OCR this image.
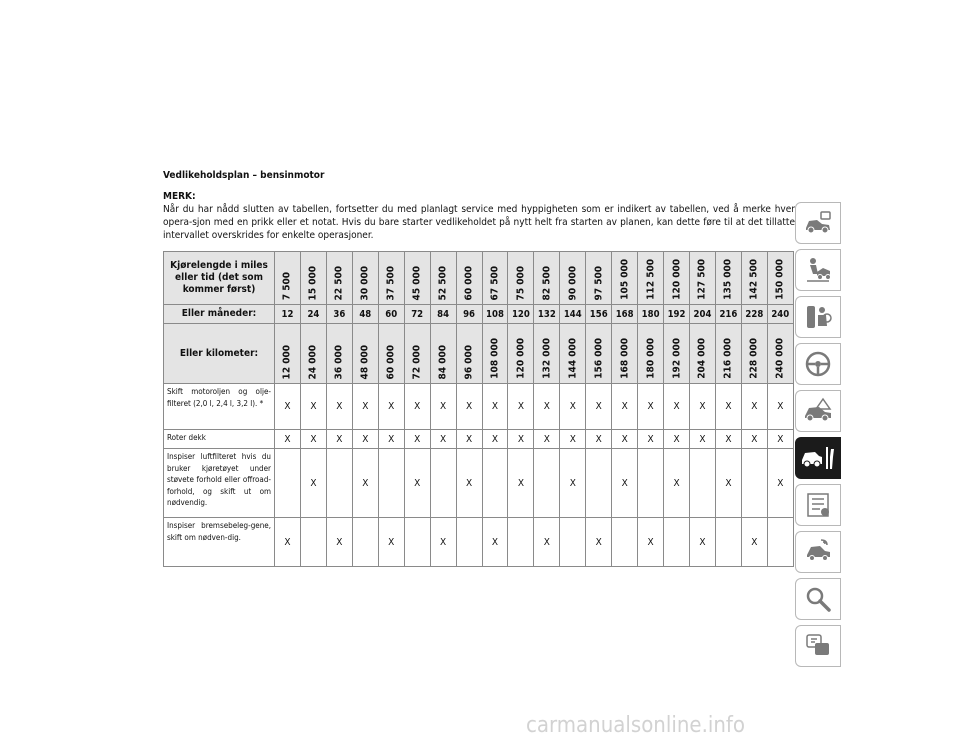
Vedlikeholdsplan – bensinmotor
MERK:
Når du har nådd slutten av tabellen, fortsetter du med planlagt service med hyppigheten som er indikert av tabellen, ved å merke hver opera-sjon med en prikk eller et notat. Hvis du bare starter vedlikeholdet på nytt helt fra starten av planen, kan dette føre til at det tillatte intervallet overskrides for enkelte operasjoner.
Kjørelengde i miles eller tid (det som kommer først)	7 500	15 000	22 500	30 000	37 500	45 000	52 500	60 000	67 500	75 000	82 500	90 000	97 500	105 000	112 500	120 000	127 500	135 000	142 500	150 000

Eller måneder:	12	24	36	48	60	72	84	96	108	120	132	144	156	168	180	192	204	216	228	240
Eller kilometer:	12 000	24 000	36 000	48 000	60 000	72 000	84 000	96 000	108 000	120 000	132 000	144 000	156 000	168 000	180 000	192 000	204 000	216 000	228 000	240 000

Skift motoroljen og olje-filteret (2,0 l, 2,4 l, 3,2 l). *	X	X	X	X	X	X	X	X	X	X	X	X	X	X	X	X	X	X	X	X
Roter dekk	X	X	X	X	X	X	X	X	X	X	X	X	X	X	X	X	X	X	X	X
Inspiser luftfilteret hvis du bruker kjøretøyet under støvete forhold eller offroad-forhold, og skift ut om nødvendig.		X		X		X		X		X		X		X		X		X		X
Inspiser bremsebeleg-gene, skift om nødven-dig.	X		X		X		X		X		X		X		X		X		X	
carmanualsonline.info
